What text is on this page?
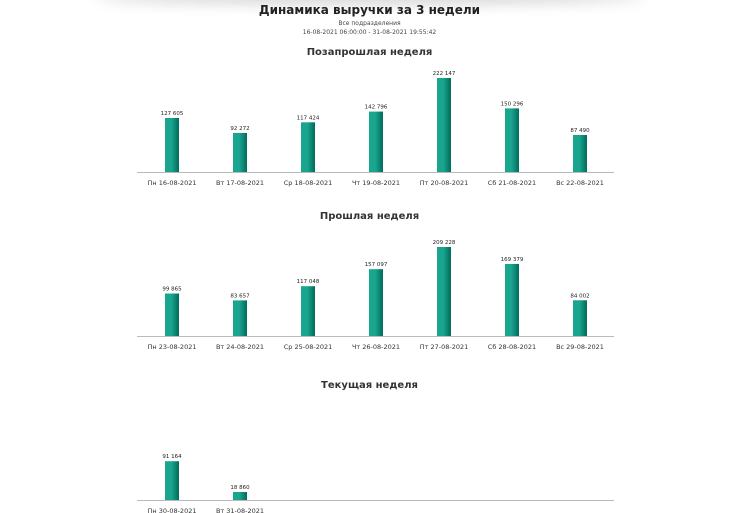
Динамика выручки за 3 недели
Все подразделения
16-08-2021 06:00:00 - 31-08-2021 19:55:42
Позапрошлая неделя
127 605
Пн 16-08-2021
92 272
Вт 17-08-2021
117 424
Ср 18-08-2021
142 796
Чт 19-08-2021
222 147
Пт 20-08-2021
150 296
Сб 21-08-2021
87 490
Вс 22-08-2021
Прошлая неделя
99 865
Пн 23-08-2021
83 657
Вт 24-08-2021
117 048
Ср 25-08-2021
157 097
Чт 26-08-2021
209 228
Пт 27-08-2021
169 379
Сб 28-08-2021
84 002
Вс 29-08-2021
Текущая неделя
91 164
Пн 30-08-2021
18 860
Вт 31-08-2021
